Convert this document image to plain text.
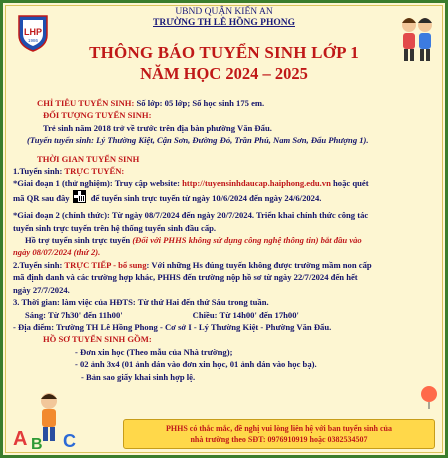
LHP
1986
UBND QUẬN KIẾN AN
TRƯỜNG TH LÊ HỒNG PHONG
THÔNG BÁO TUYỂN SINH LỚP 1
NĂM HỌC 2024 – 2025
CHỈ TIÊU TUYỂN SINH: Số lớp: 05 lớp; Số học sinh 175 em.
ĐỐI TƯỢNG TUYỂN SINH:
Trẻ sinh năm 2018 trở về trước trên địa bàn phường Văn Đẩu.
(Tuyến tuyển sinh: Lý Thường Kiệt, Cận Sơn, Đường Đỏ, Trần Phú, Nam Sơn, Đẩu Phượng 1).
THỜI GIAN TUYỂN SINH
1.Tuyển sinh: TRỰC TUYẾN:
*Giai đoạn 1 (thử nghiệm): Truy cập website: http://tuyensinhdaucap.haiphong.edu.vn hoặc quét
mã QR sau đây để tuyển sinh trực tuyến từ ngày 10/6/2024 đến ngày 24/6/2024.
*Giai đoạn 2 (chính thức): Từ ngày 08/7/2024 đến ngày 20/7/2024. Triển khai chính thức công tác
tuyển sinh trực tuyến trên hệ thống tuyển sinh đầu cấp.
Hồ trợ tuyển sinh trực tuyến (Đối với PHHS không sử dụng công nghệ thông tin) bắt đầu vào
ngày 08/07/2024 (thứ 2).
2.Tuyển sinh: TRỰC TIẾP - bổ sung: Với những Hs đúng tuyến không được trường mầm non cấp
mã định danh và các trường hợp khác, PHHS đến trường nộp hồ sơ từ ngày 22/7/2024 đến hết
ngày 27/7/2024.
3. Thời gian: làm việc của HĐTS: Từ thứ Hai đến thứ Sáu trong tuần.
Sáng: Từ 7h30' đến 11h00'	Chiều: Từ 14h00' đến 17h00'
- Địa điểm: Trường TH Lê Hồng Phong - Cơ sở I - Lý Thường Kiệt - Phường Văn Đẩu.
HỒ SƠ TUYỂN SINH GỒM:
- Đơn xin học (Theo mẫu của Nhà trường);
- 02 ảnh 3x4 (01 ảnh dán vào đơn xin học, 01 ảnh dán vào học bạ).
- Bản sao giấy khai sinh hợp lệ.
A B C
PHHS có thắc mắc, đề nghị vui lòng liên hệ với ban tuyển sinh của
nhà trường theo SĐT: 0976910919 hoặc 0382534507
